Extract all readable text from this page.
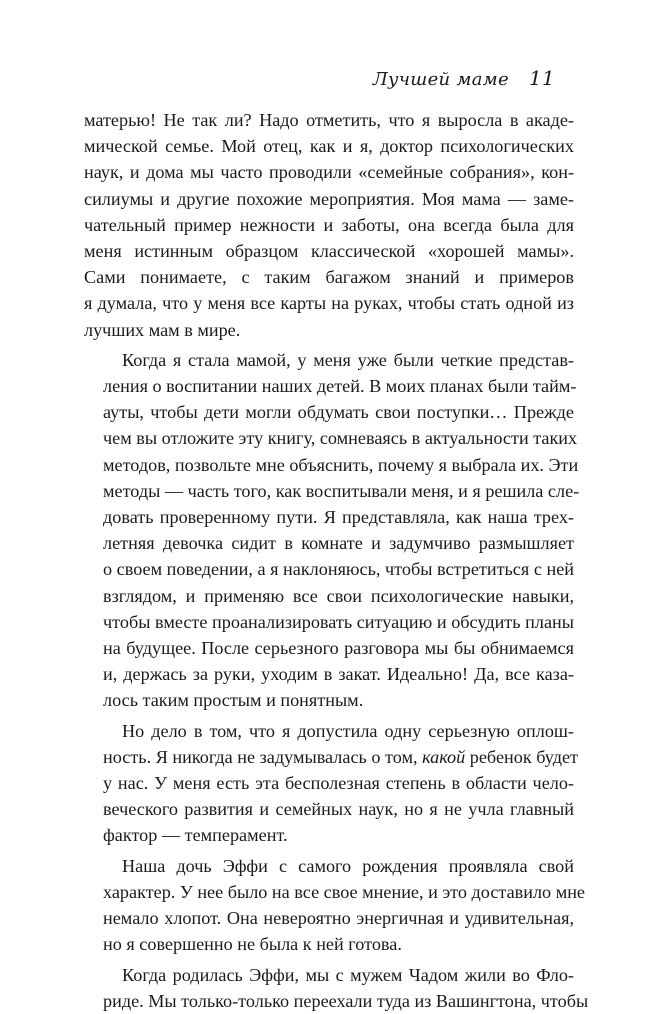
Лучшей маме 11

матерью! Не так ли? Надо отметить, что я выросла в акаде-
мической семье. Мой отец, как и я, доктор психологических
наук, и дома мы часто проводили «семейные собрания», кон-
силиумы и другие похожие мероприятия. Моя мама — заме-
чательный пример нежности и заботы, она всегда была для
меня истинным образцом классической «хорошей мамы».
Сами понимаете, с таким багажом знаний и примеров
я думала, что у меня все карты на руках, чтобы стать одной из
лучших мам в мире.

Когда я стала мамой, у меня уже были четкие представ-
ления о воспитании наших детей. В моих планах были тайм-
ауты, чтобы дети могли обдумать свои поступки… Прежде
чем вы отложите эту книгу, сомневаясь в актуальности таких
методов, позвольте мне объяснить, почему я выбрала их. Эти
методы — часть того, как воспитывали меня, и я решила сле-
довать проверенному пути. Я представляла, как наша трех-
летняя девочка сидит в комнате и задумчиво размышляет
о своем поведении, а я наклоняюсь, чтобы встретиться с ней
взглядом, и применяю все свои психологические навыки,
чтобы вместе проанализировать ситуацию и обсудить планы
на будущее. После серьезного разговора мы бы обнимаемся
и, держась за руки, уходим в закат. Идеально! Да, все каза-
лось таким простым и понятным.

Но дело в том, что я допустила одну серьезную оплош-
ность. Я никогда не задумывалась о том, какой ребенок будет
у нас. У меня есть эта бесполезная степень в области чело-
веческого развития и семейных наук, но я не учла главный
фактор — темперамент.

Наша дочь Эффи с самого рождения проявляла свой
характер. У нее было на все свое мнение, и это доставило мне
немало хлопот. Она невероятно энергичная и удивительная,
но я совершенно не была к ней готова.

Когда родилась Эффи, мы с мужем Чадом жили во Фло-
риде. Мы только-только переехали туда из Вашингтона, чтобы
